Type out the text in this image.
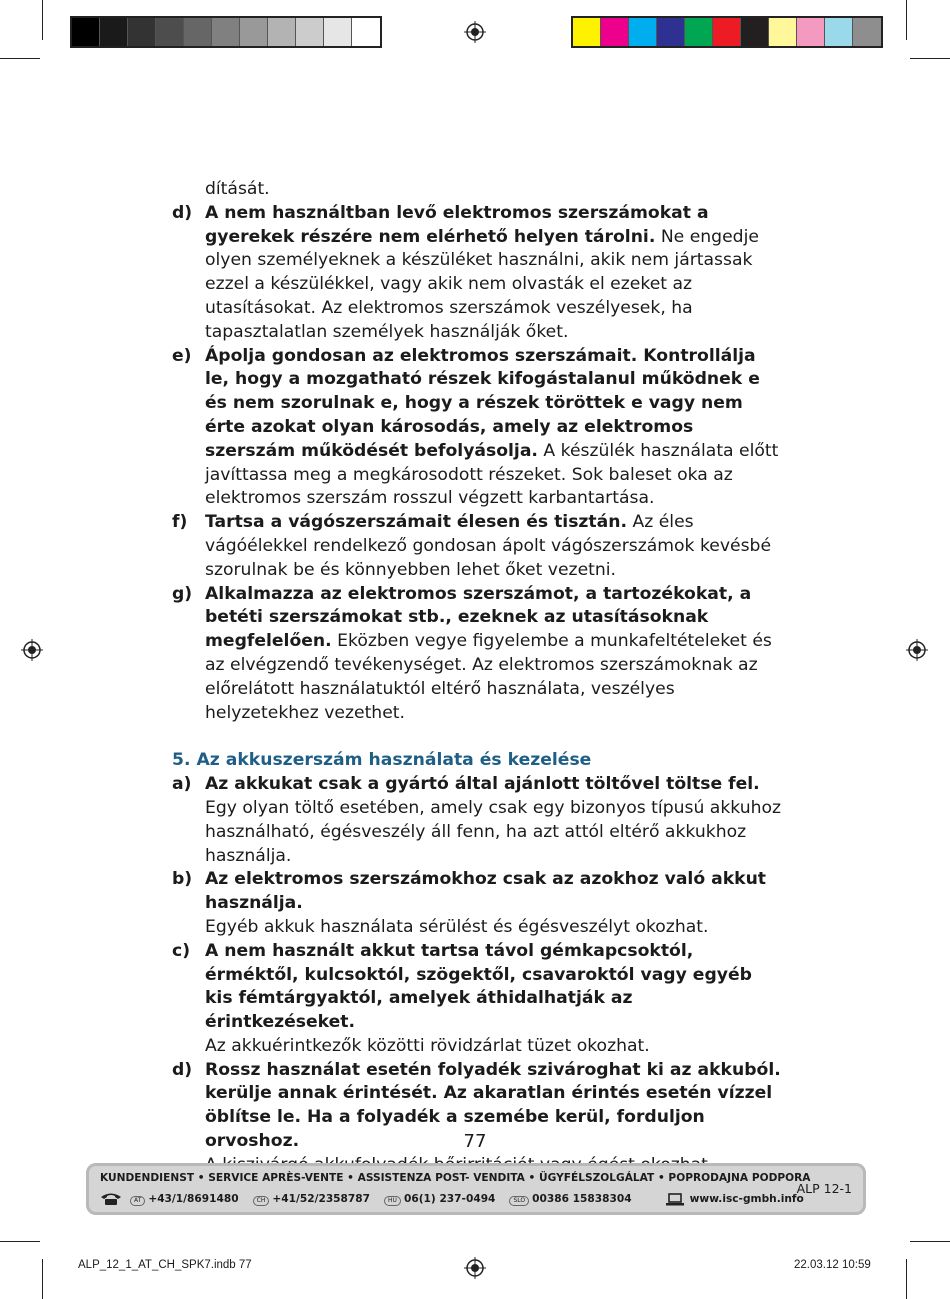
dítását.
d) A nem használtban levő elektromos szerszámokat a gyerekek részére nem elérhető helyen tárolni. Ne engedje olyen személyeknek a készüléket használni, akik nem jártassak ezzel a készülékkel, vagy akik nem olvasták el ezeket az utasításokat. Az elektromos szerszámok veszélyesek, ha tapasztalatlan személyek használják őket.
e) Ápolja gondosan az elektromos szerszámait. Kontrollálja le, hogy a mozgatható részek kifogástalanul működnek e és nem szorulnak e, hogy a részek töröttek e vagy nem érte azokat olyan károsodás, amely az elektromos szerszám működését befolyásolja. A készülék használata előtt javíttassa meg a megkárosodott részeket. Sok baleset oka az elektromos szerszám rosszul végzett karbantartása.
f) Tartsa a vágószerszámait élesen és tisztán. Az éles vágóélekkel rendelkező gondosan ápolt vágószerszámok kevésbé szorulnak be és könnyebben lehet őket vezetni.
g) Alkalmazza az elektromos szerszámot, a tartozékokat, a betéti szerszámokat stb., ezeknek az utasításoknak megfelelően. Eközben vegye figyelembe a munkafeltételeket és az elvégzendő tevékenységet. Az elektromos szerszámoknak az előrelátott használatuktól eltérő használata, veszélyes helyzetekhez vezethet.
5. Az akkuszerszám használata és kezelése
a) Az akkukat csak a gyártó által ajánlott töltővel töltse fel.
Egy olyan töltő esetében, amely csak egy bizonyos típusú akkuhoz használható, égésveszély áll fenn, ha azt attól eltérő akkukhoz használja.
b) Az elektromos szerszámokhoz csak az azokhoz való akkut használja.
Egyéb akkuk használata sérülést és égésveszélyt okozhat.
c) A nem használt akkut tartsa távol gémkapcsoktól, érméktől, kulcsoktól, szögektől, csavaroktól vagy egyéb kis fémtárgyaktól, amelyek áthidalhatják az érintkezéseket.
Az akkuérintkezők közötti rövidzárlat tüzet okozhat.
d) Rossz használat esetén folyadék szivároghat ki az akkuból. kerülje annak érintését. Az akaratlan érintés esetén vízzel öblítse le. Ha a folyadék a szemébe kerül, forduljon orvoshoz.	77
KUNDENDIENST • SERVICE APRÈS-VENTE • ASSISTENZA POST- VENDITA • ÜGYFÉLSZOLGÁLAT • POPRODAJNA PODPORA
AT +43/1/8691480	CH +41/52/2358787	HU 06(1) 237-0494	SLO 00386 15838304	www.isc-gmbh.info
ALP 12-1
ALP_12_1_AT_CH_SPK7.indb 77	22.03.12 10:59
